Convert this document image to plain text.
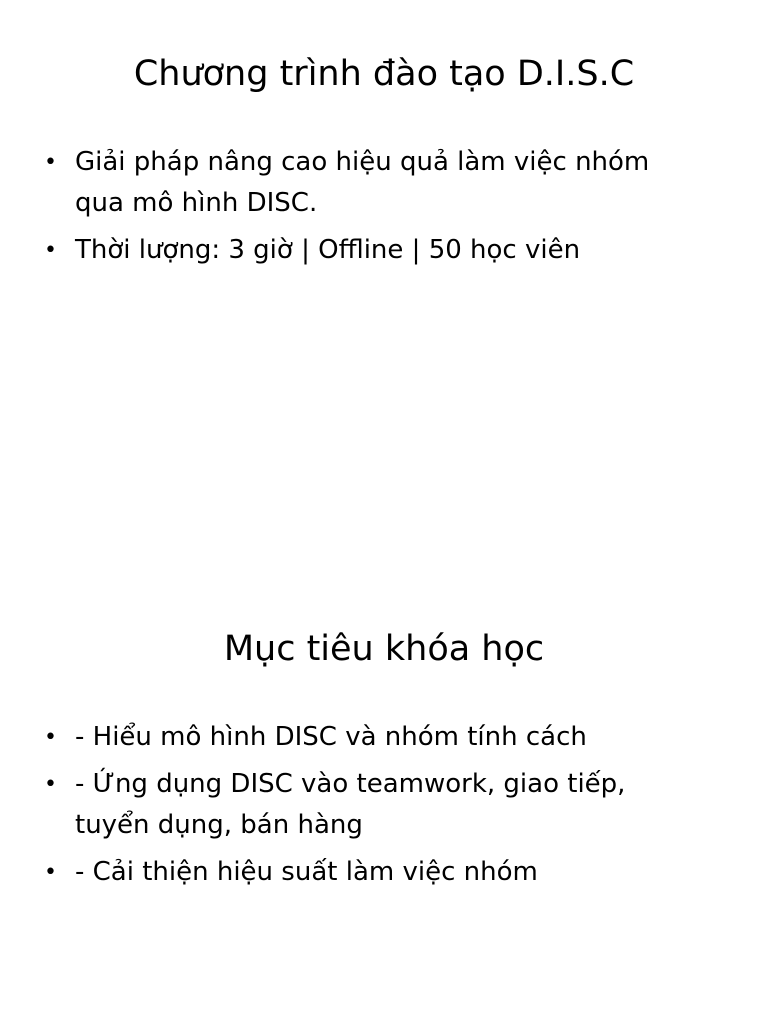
Chương trình đào tạo D.I.S.C
• Giải pháp nâng cao hiệu quả làm việc nhóm qua mô hình DISC.
• Thời lượng: 3 giờ | Offline | 50 học viên
Mục tiêu khóa học
• - Hiểu mô hình DISC và nhóm tính cách
• - Ứng dụng DISC vào teamwork, giao tiếp, tuyển dụng, bán hàng
• - Cải thiện hiệu suất làm việc nhóm
